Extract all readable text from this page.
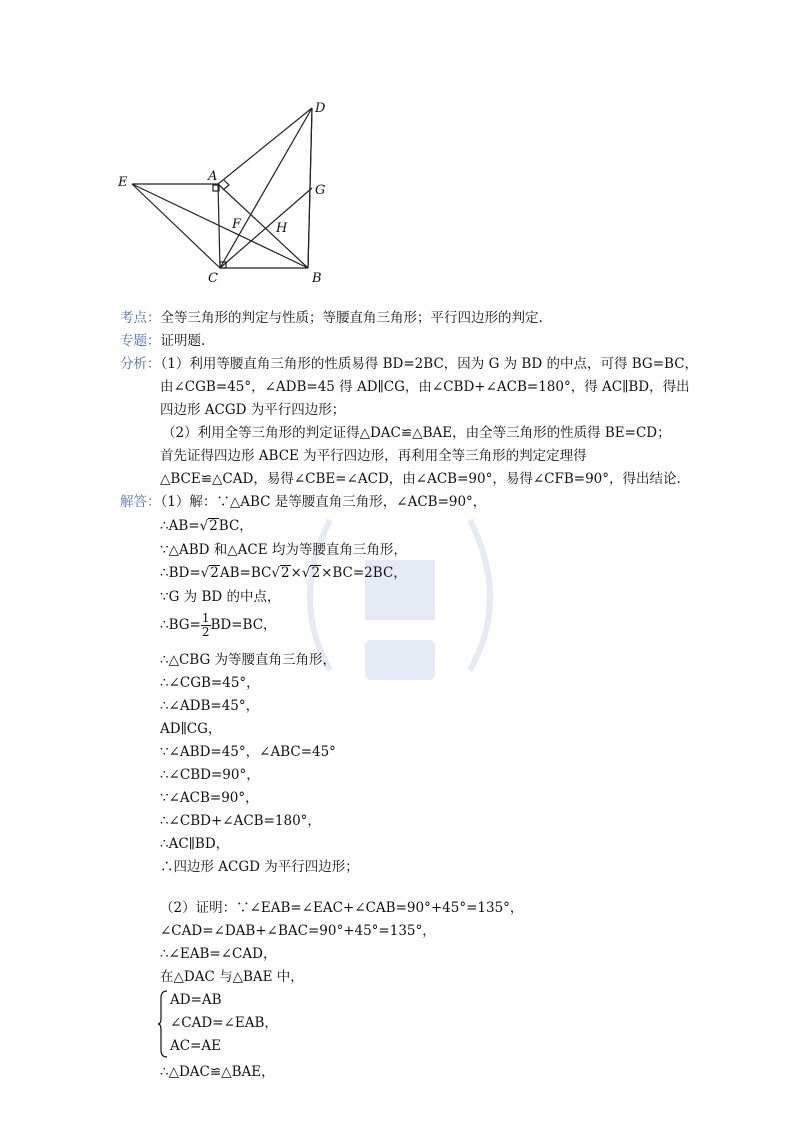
E	A
C	B
D
G
F	H
考点：全等三角形的判定与性质；等腰直角三角形；平行四边形的判定.
专题：证明题.
分析：（1）利用等腰直角三角形的性质易得 BD=2BC，因为 G 为 BD 的中点，可得 BG=BC，
由∠CGB=45°，∠ADB=45 得 AD∥CG，由∠CBD+∠ACB=180°，得 AC∥BD，得出
四边形 ACGD 为平行四边形；
（2）利用全等三角形的判定证得△DAC≌△BAE，由全等三角形的性质得 BE=CD；
首先证得四边形 ABCE 为平行四边形，再利用全等三角形的判定定理得
△BCE≌△CAD，易得∠CBE=∠ACD，由∠ACB=90°，易得∠CFB=90°，得出结论.
解答：（1）解：∵△ABC 是等腰直角三角形，∠ACB=90°，
∴AB=√2BC，
∵△ABD 和△ACE 均为等腰直角三角形，
∴BD=√2AB=BC√2×√2×BC=2BC，
∵G 为 BD 的中点，
∴BG= $\frac{1}{2} BD=BC$，
∴△CBG 为等腰直角三角形，
∴∠CGB=45°，
∴∠ADB=45°，
AD∥CG，
∵∠ABD=45°，∠ABC=45°
∴∠CBD=90°，
∵∠ACB=90°，
∴∠CBD+∠ACB=180°，
∴AC∥BD，
∴四边形 ACGD 为平行四边形；
（2）证明：∵∠EAB=∠EAC+∠CAB=90°+45°=135°，
∠CAD=∠DAB+∠BAC=90°+45°=135°，
∴∠EAB=∠CAD，
在△DAC 与△BAE 中，
AD=AB
∠CAD=∠EAB，
AC=AE
∴△DAC≌△BAE，
